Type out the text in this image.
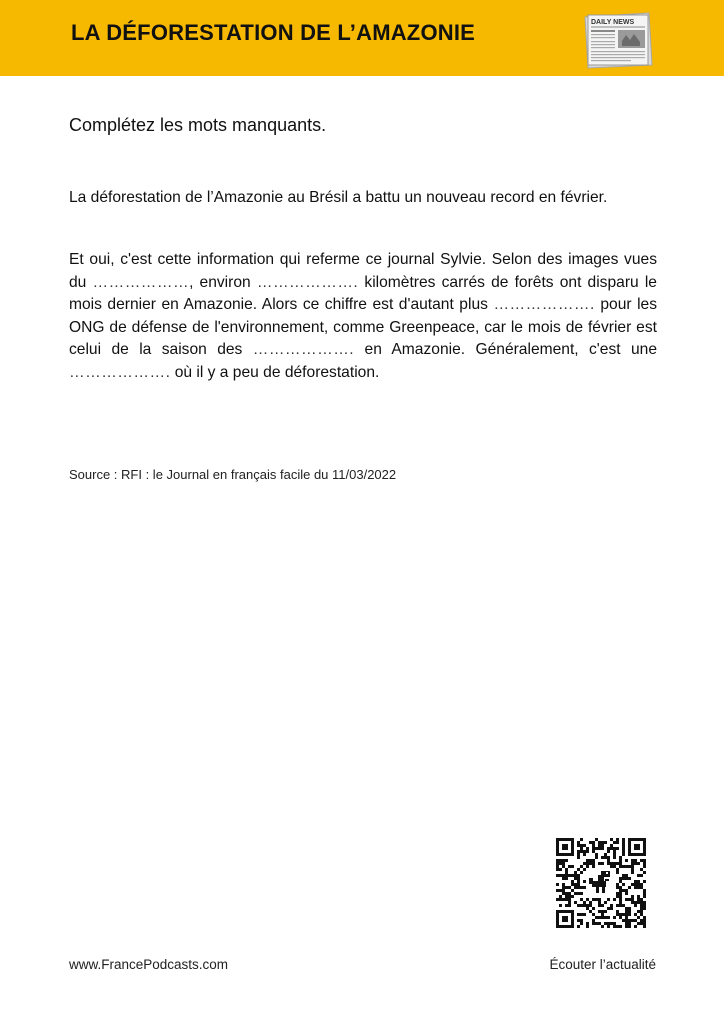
LA DÉFORESTATION DE L’AMAZONIE	DAILY NEWS
Complétez les mots manquants.
La déforestation de l’Amazonie au Brésil a battu un nouveau record en février.
Et oui, c'est cette information qui referme ce journal Sylvie. Selon des images vues du ………………, environ ………………. kilomètres carrés de forêts ont disparu le mois dernier en Amazonie. Alors ce chiffre est d'autant plus ………………. pour les ONG de défense de l'environnement, comme Greenpeace, car le mois de février est celui de la saison des ………………. en Amazonie. Généralement, c'est une ………………. où il y a peu de déforestation.
Source : RFI : le Journal en français facile du 11/03/2022
www.FrancePodcasts.com	Écouter l’actualité
